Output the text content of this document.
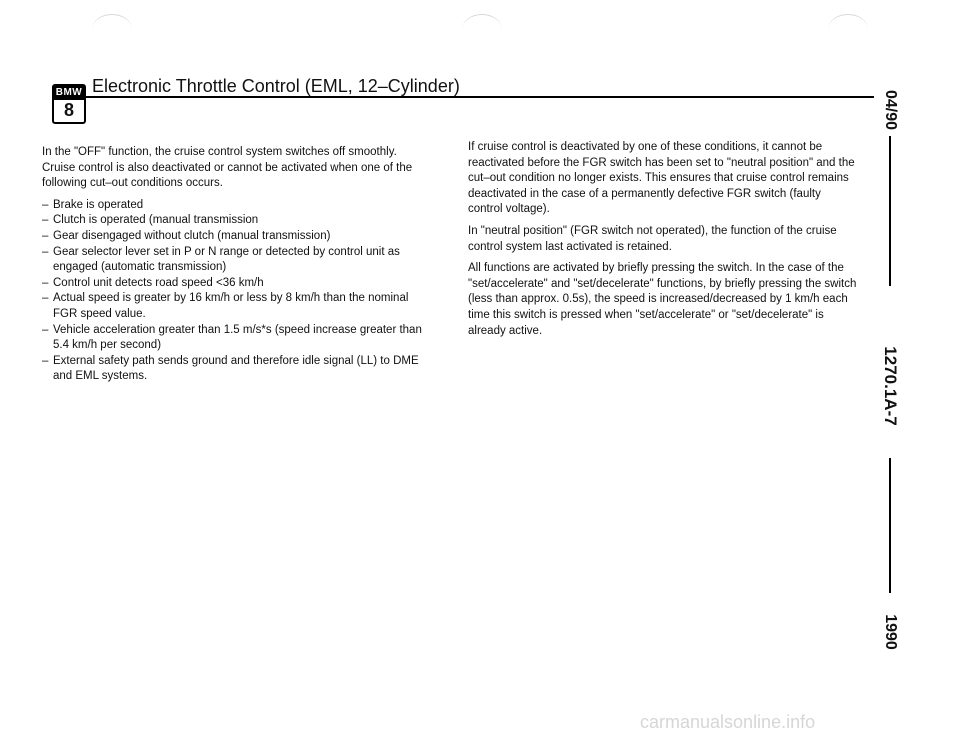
BMW
8
Electronic Throttle Control (EML, 12–Cylinder)

In the "OFF" function, the cruise control system switches off smoothly. Cruise control is also deactivated or cannot be activated when one of the following cut–out conditions occurs.

– Brake is operated
– Clutch is operated (manual transmission
– Gear disengaged without clutch (manual transmission)
– Gear selector lever set in P or N range or detected by control unit as engaged (automatic transmission)
– Control unit detects road speed <36 km/h
– Actual speed is greater by 16 km/h or less by 8 km/h than the nominal FGR speed value.
– Vehicle acceleration greater than 1.5 m/s*s (speed increase greater than 5.4 km/h per second)
– External safety path sends ground and therefore idle signal (LL) to DME and EML systems.

If cruise control is deactivated by one of these conditions, it cannot be reactivated before the FGR switch has been set to "neutral position" and the cut–out condition no longer exists. This ensures that cruise control remains deactivated in the case of a permanently defective FGR switch (faulty control voltage).

In "neutral position" (FGR switch not operated), the function of the cruise control system last activated is retained.

All functions are activated by briefly pressing the switch. In the case of the "set/accelerate" and "set/decelerate" functions, by briefly pressing the switch (less than approx. 0.5s), the speed is increased/decreased by 1 km/h each time this switch is pressed when "set/accelerate" or "set/decelerate" is already active.

04/90
1270.1A-7
1990
carmanualsonline.info
